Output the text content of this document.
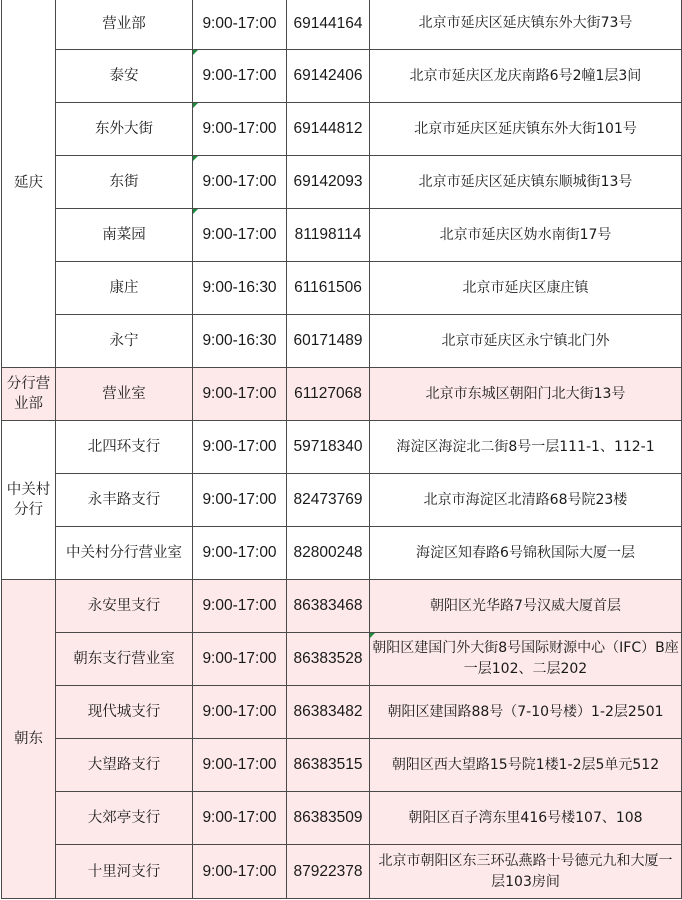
延庆	营业部	9:00-17:00	69144164	北京市延庆区延庆镇东外大街73号
	泰安	9:00-17:00	69142406	北京市延庆区龙庆南路6号2幢1层3间
	东外大街	9:00-17:00	69144812	北京市延庆区延庆镇东外大街101号
	东街	9:00-17:00	69142093	北京市延庆区延庆镇东顺城街13号
	南菜园	9:00-17:00	81198114	北京市延庆区妫水南街17号
	康庄	9:00-16:30	61161506	北京市延庆区康庄镇
	永宁	9:00-16:30	60171489	北京市延庆区永宁镇北门外
分行营业部	营业室	9:00-17:00	61127068	北京市东城区朝阳门北大街13号
中关村分行	北四环支行	9:00-17:00	59718340	海淀区海淀北二街8号一层111-1、112-1
	永丰路支行	9:00-17:00	82473769	北京市海淀区北清路68号院23楼
	中关村分行营业室	9:00-17:00	82800248	海淀区知春路6号锦秋国际大厦一层
朝东	永安里支行	9:00-17:00	86383468	朝阳区光华路7号汉威大厦首层
	朝东支行营业室	9:00-17:00	86383528	朝阳区建国门外大街8号国际财源中心（IFC）B座一层102、二层202
	现代城支行	9:00-17:00	86383482	朝阳区建国路88号（7-10号楼）1-2层2501
	大望路支行	9:00-17:00	86383515	朝阳区西大望路15号院1楼1-2层5单元512
	大郊亭支行	9:00-17:00	86383509	朝阳区百子湾东里416号楼107、108
	十里河支行	9:00-17:00	87922378	北京市朝阳区东三环弘燕路十号德元九和大厦一层103房间
